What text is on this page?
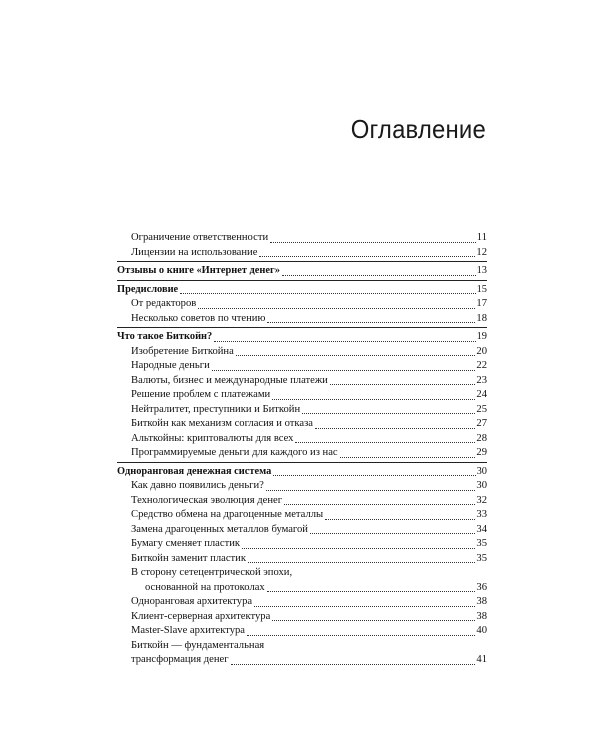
Оглавление
Ограничение ответственности	11
Лицензии на использование	12
Отзывы о книге «Интернет денег»	13
Предисловие	15
От редакторов	17
Несколько советов по чтению	18
Что такое Биткойн?	19
Изобретение Биткойна	20
Народные деньги	22
Валюты, бизнес и международные платежи	23
Решение проблем с платежами	24
Нейтралитет, преступники и Биткойн	25
Биткойн как механизм согласия и отказа	27
Альткойны: криптовалюты для всех	28
Программируемые деньги для каждого из нас	29
Одноранговая денежная система	30
Как давно появились деньги?	30
Технологическая эволюция денег	32
Средство обмена на драгоценные металлы	33
Замена драгоценных металлов бумагой	34
Бумагу сменяет пластик	35
Биткойн заменит пластик	35
В сторону сетецентрической эпохи,
основанной на протоколах	36
Одноранговая архитектура	38
Клиент-серверная архитектура	38
Master-Slave архитектура	40
Биткойн — фундаментальная
трансформация денег	41
